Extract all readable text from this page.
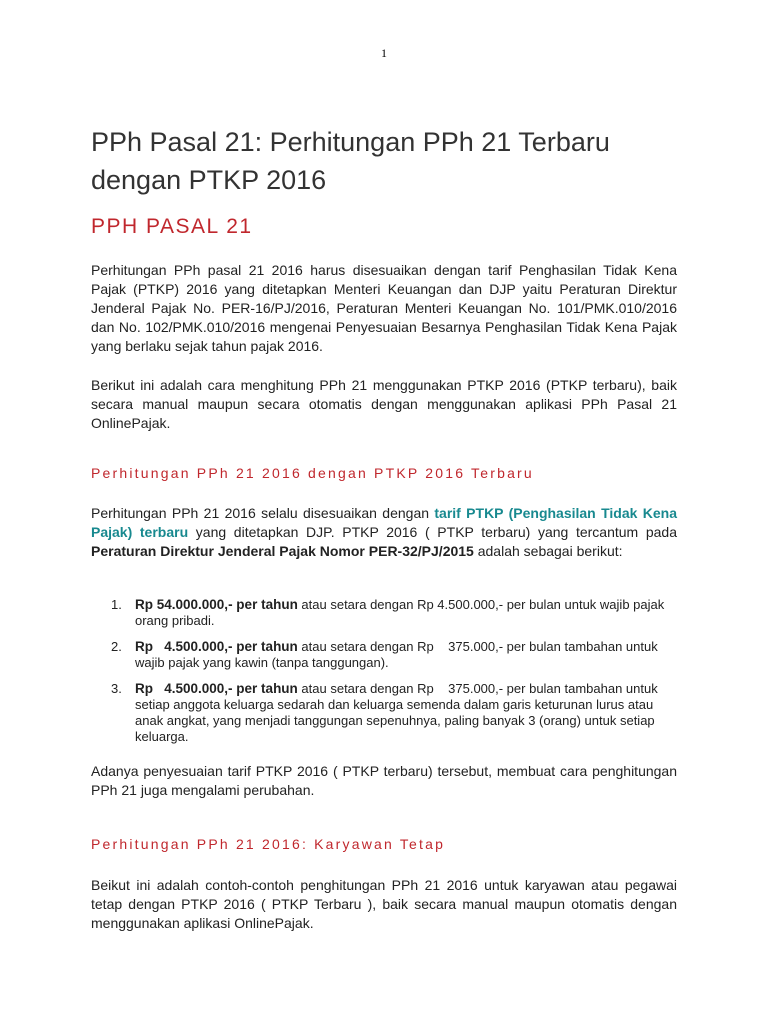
1
PPh Pasal 21: Perhitungan PPh 21 Terbaru dengan PTKP 2016
PPH PASAL 21

Perhitungan PPh pasal 21 2016 harus disesuaikan dengan tarif Penghasilan Tidak Kena Pajak (PTKP) 2016 yang ditetapkan Menteri Keuangan dan DJP yaitu Peraturan Direktur Jenderal Pajak No. PER-16/PJ/2016, Peraturan Menteri Keuangan No. 101/PMK.010/2016 dan No. 102/PMK.010/2016 mengenai Penyesuaian Besarnya Penghasilan Tidak Kena Pajak yang berlaku sejak tahun pajak 2016.

Berikut ini adalah cara menghitung PPh 21 menggunakan PTKP 2016 (PTKP terbaru), baik secara manual maupun secara otomatis dengan menggunakan aplikasi PPh Pasal 21 OnlinePajak.

Perhitungan PPh 21 2016 dengan PTKP 2016 Terbaru

Perhitungan PPh 21 2016 selalu disesuaikan dengan tarif PTKP (Penghasilan Tidak Kena Pajak) terbaru yang ditetapkan DJP. PTKP 2016 ( PTKP terbaru) yang tercantum pada Peraturan Direktur Jenderal Pajak Nomor PER-32/PJ/2015 adalah sebagai berikut:

1. Rp 54.000.000,- per tahun atau setara dengan Rp 4.500.000,- per bulan untuk wajib pajak orang pribadi.
2. Rp   4.500.000,- per tahun atau setara dengan Rp    375.000,- per bulan tambahan untuk wajib pajak yang kawin (tanpa tanggungan).
3. Rp   4.500.000,- per tahun atau setara dengan Rp    375.000,- per bulan tambahan untuk setiap anggota keluarga sedarah dan keluarga semenda dalam garis keturunan lurus atau anak angkat, yang menjadi tanggungan sepenuhnya, paling banyak 3 (orang) untuk setiap keluarga.

Adanya penyesuaian tarif PTKP 2016 ( PTKP terbaru) tersebut, membuat cara penghitungan PPh 21 juga mengalami perubahan.

Perhitungan PPh 21 2016: Karyawan Tetap

Beikut ini adalah contoh-contoh penghitungan PPh 21 2016 untuk karyawan atau pegawai tetap dengan PTKP 2016 ( PTKP Terbaru ), baik secara manual maupun otomatis dengan menggunakan aplikasi OnlinePajak.
